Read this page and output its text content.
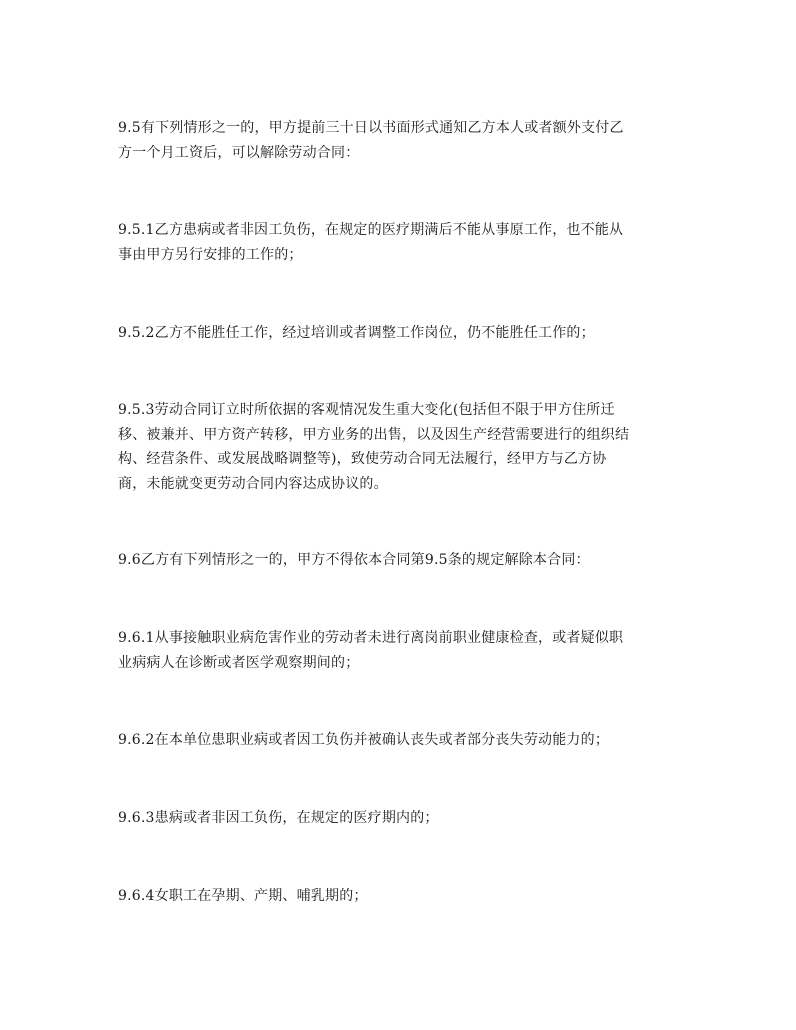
9.5有下列情形之一的，甲方提前三十日以书面形式通知乙方本人或者额外支付乙
方一个月工资后，可以解除劳动合同：
9.5.1乙方患病或者非因工负伤，在规定的医疗期满后不能从事原工作，也不能从
事由甲方另行安排的工作的；
9.5.2乙方不能胜任工作，经过培训或者调整工作岗位，仍不能胜任工作的；
9.5.3劳动合同订立时所依据的客观情况发生重大变化(包括但不限于甲方住所迁
移、被兼并、甲方资产转移，甲方业务的出售，以及因生产经营需要进行的组织结
构、经营条件、或发展战略调整等)，致使劳动合同无法履行，经甲方与乙方协
商，未能就变更劳动合同内容达成协议的。
9.6乙方有下列情形之一的，甲方不得依本合同第9.5条的规定解除本合同：
9.6.1从事接触职业病危害作业的劳动者未进行离岗前职业健康检查，或者疑似职
业病病人在诊断或者医学观察期间的；
9.6.2在本单位患职业病或者因工负伤并被确认丧失或者部分丧失劳动能力的；
9.6.3患病或者非因工负伤，在规定的医疗期内的；
9.6.4女职工在孕期、产期、哺乳期的；
